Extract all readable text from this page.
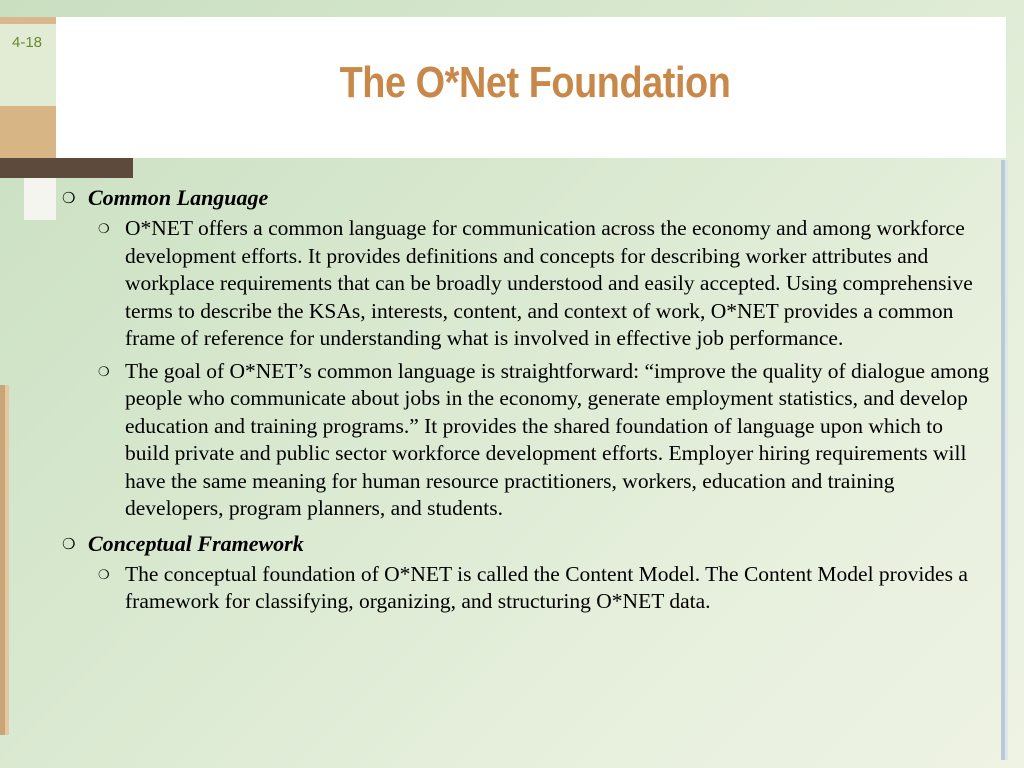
4-18
The O*Net Foundation
❍ Common Language
❍ O*NET offers a common language for communication across the economy and among workforce development efforts. It provides definitions and concepts for describing worker attributes and workplace requirements that can be broadly understood and easily accepted. Using comprehensive terms to describe the KSAs, interests, content, and context of work, O*NET provides a common frame of reference for understanding what is involved in effective job performance.
❍ The goal of O*NET’s common language is straightforward: “improve the quality of dialogue among people who communicate about jobs in the economy, generate employment statistics, and develop education and training programs.” It provides the shared foundation of language upon which to build private and public sector workforce development efforts. Employer hiring requirements will have the same meaning for human resource practitioners, workers, education and training developers, program planners, and students.
❍ Conceptual Framework
❍ The conceptual foundation of O*NET is called the Content Model. The Content Model provides a framework for classifying, organizing, and structuring O*NET data.
